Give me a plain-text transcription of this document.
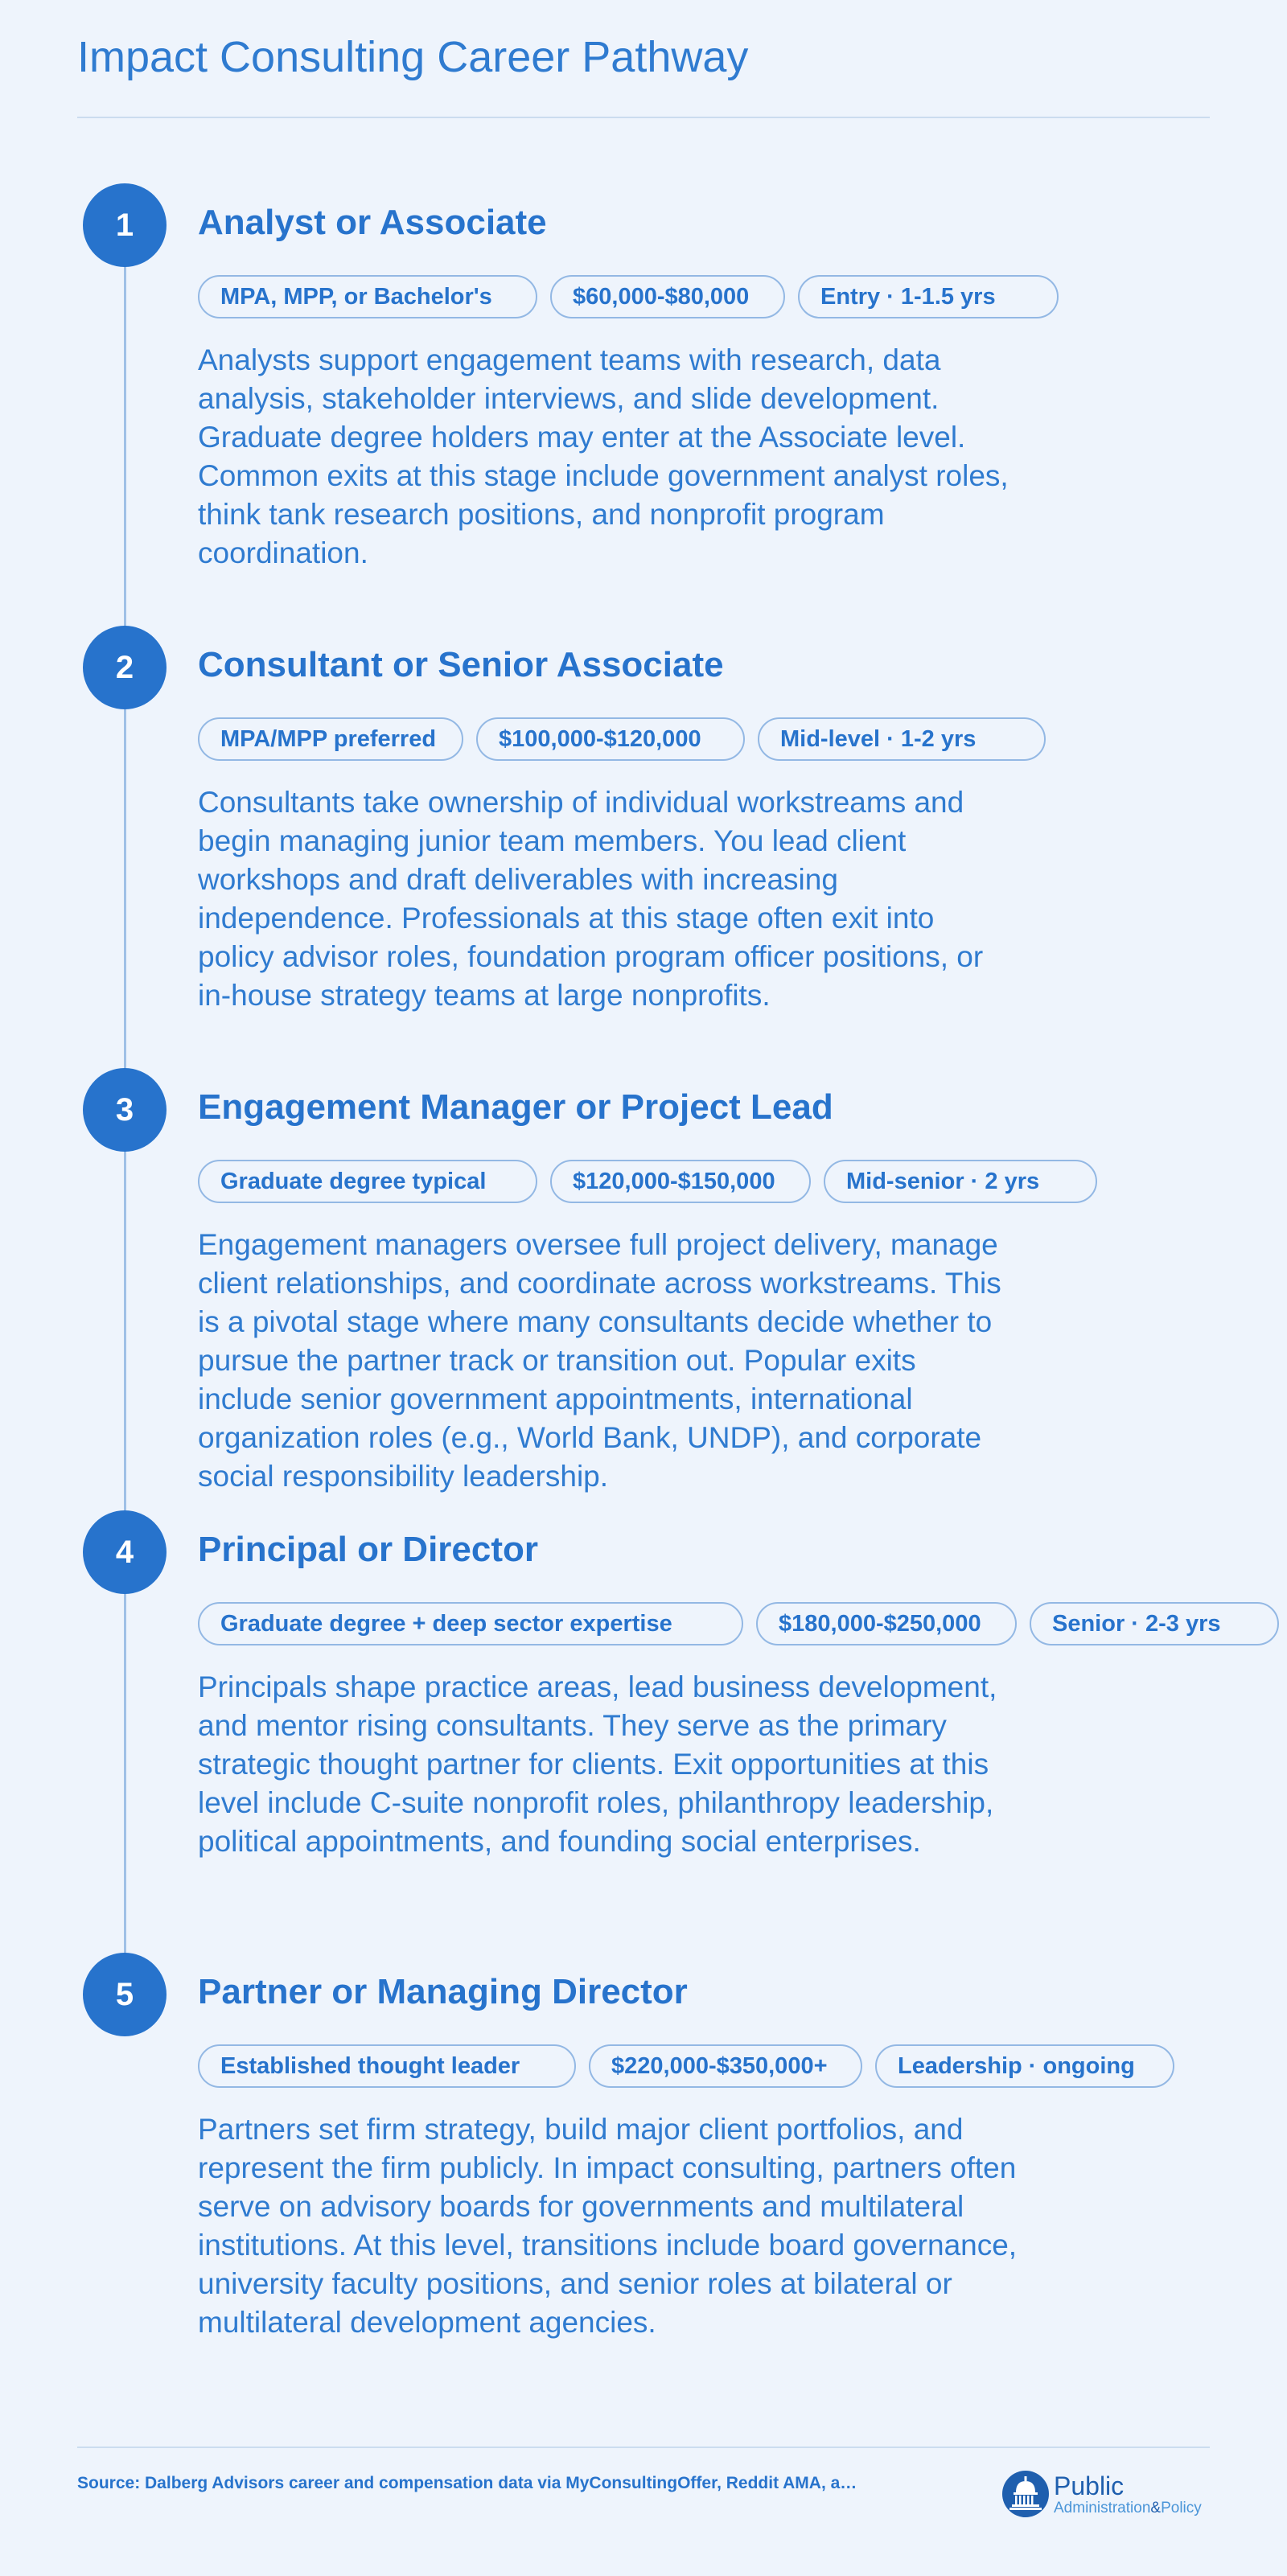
Impact Consulting Career Pathway
1	Analyst or Associate
MPA, MPP, or Bachelor's	$60,000-$80,000	Entry · 1-1.5 yrs

Analysts support engagement teams with research, data analysis, stakeholder interviews, and slide development. Graduate degree holders may enter at the Associate level. Common exits at this stage include government analyst roles, think tank research positions, and nonprofit program coordination.

2	Consultant or Senior Associate
MPA/MPP preferred	$100,000-$120,000	Mid-level · 1-2 yrs

Consultants take ownership of individual workstreams and begin managing junior team members. You lead client workshops and draft deliverables with increasing independence. Professionals at this stage often exit into policy advisor roles, foundation program officer positions, or in-house strategy teams at large nonprofits.

3	Engagement Manager or Project Lead
Graduate degree typical	$120,000-$150,000	Mid-senior · 2 yrs

Engagement managers oversee full project delivery, manage client relationships, and coordinate across workstreams. This is a pivotal stage where many consultants decide whether to pursue the partner track or transition out. Popular exits include senior government appointments, international organization roles (e.g., World Bank, UNDP), and corporate social responsibility leadership.

4	Principal or Director
Graduate degree + deep sector expertise	$180,000-$250,000	Senior · 2-3 yrs

Principals shape practice areas, lead business development, and mentor rising consultants. They serve as the primary strategic thought partner for clients. Exit opportunities at this level include C-suite nonprofit roles, philanthropy leadership, political appointments, and founding social enterprises.

5	Partner or Managing Director
Established thought leader	$220,000-$350,000+	Leadership · ongoing

Partners set firm strategy, build major client portfolios, and represent the firm publicly. In impact consulting, partners often serve on advisory boards for governments and multilateral institutions. At this level, transitions include board governance, university faculty positions, and senior roles at bilateral or multilateral development agencies.

Source: Dalberg Advisors career and compensation data via MyConsultingOffer, Reddit AMA, a…	Public
Administration&Policy
